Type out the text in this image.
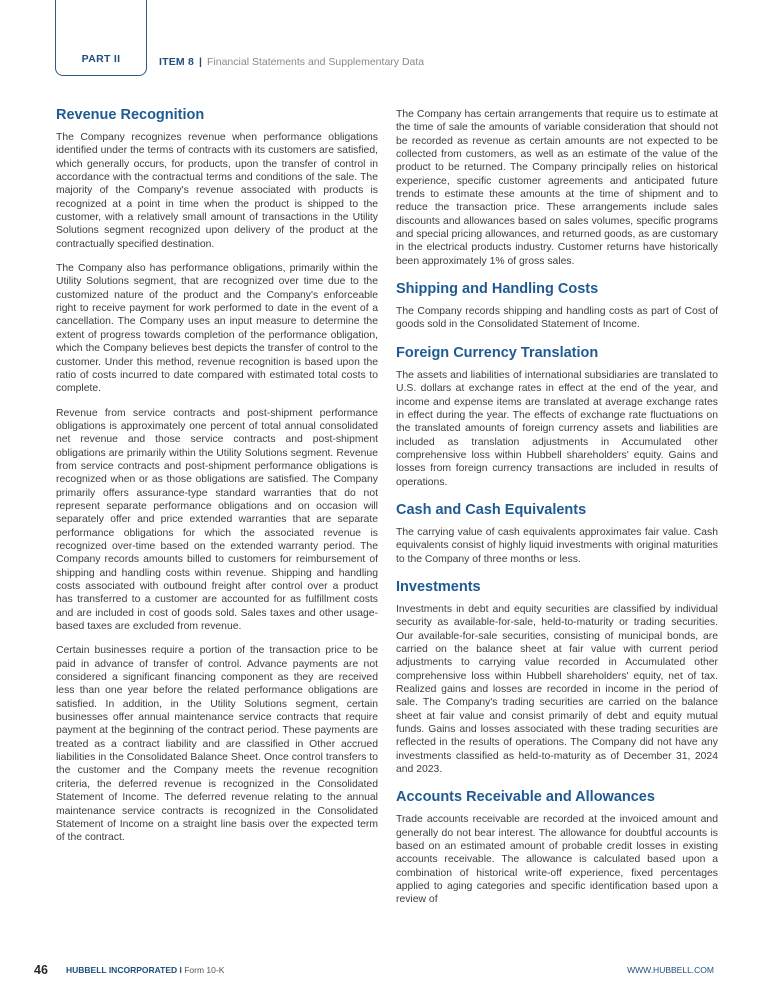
PART II	ITEM 8 | Financial Statements and Supplementary Data
Revenue Recognition

The Company recognizes revenue when performance obligations identified under the terms of contracts with its customers are satisfied, which generally occurs, for products, upon the transfer of control in accordance with the contractual terms and conditions of the sale. The majority of the Company's revenue associated with products is recognized at a point in time when the product is shipped to the customer, with a relatively small amount of transactions in the Utility Solutions segment recognized upon delivery of the product at the contractually specified destination.

The Company also has performance obligations, primarily within the Utility Solutions segment, that are recognized over time due to the customized nature of the product and the Company's enforceable right to receive payment for work performed to date in the event of a cancellation. The Company uses an input measure to determine the extent of progress towards completion of the performance obligation, which the Company believes best depicts the transfer of control to the customer. Under this method, revenue recognition is based upon the ratio of costs incurred to date compared with estimated total costs to complete.

Revenue from service contracts and post-shipment performance obligations is approximately one percent of total annual consolidated net revenue and those service contracts and post-shipment obligations are primarily within the Utility Solutions segment. Revenue from service contracts and post-shipment performance obligations is recognized when or as those obligations are satisfied. The Company primarily offers assurance-type standard warranties that do not represent separate performance obligations and on occasion will separately offer and price extended warranties that are separate performance obligations for which the associated revenue is recognized over-time based on the extended warranty period. The Company records amounts billed to customers for reimbursement of shipping and handling costs within revenue. Shipping and handling costs associated with outbound freight after control over a product has transferred to a customer are accounted for as fulfillment costs and are included in cost of goods sold. Sales taxes and other usage-based taxes are excluded from revenue.

Certain businesses require a portion of the transaction price to be paid in advance of transfer of control. Advance payments are not considered a significant financing component as they are received less than one year before the related performance obligations are satisfied. In addition, in the Utility Solutions segment, certain businesses offer annual maintenance service contracts that require payment at the beginning of the contract period. These payments are treated as a contract liability and are classified in Other accrued liabilities in the Consolidated Balance Sheet. Once control transfers to the customer and the Company meets the revenue recognition criteria, the deferred revenue is recognized in the Consolidated Statement of Income. The deferred revenue relating to the annual maintenance service contracts is recognized in the Consolidated Statement of Income on a straight line basis over the expected term of the contract.

The Company has certain arrangements that require us to estimate at the time of sale the amounts of variable consideration that should not be recorded as revenue as certain amounts are not expected to be collected from customers, as well as an estimate of the value of the product to be returned. The Company principally relies on historical experience, specific customer agreements and anticipated future trends to estimate these amounts at the time of shipment and to reduce the transaction price. These arrangements include sales discounts and allowances based on sales volumes, specific programs and special pricing allowances, and returned goods, as are customary in the electrical products industry. Customer returns have historically been approximately 1% of gross sales.

Shipping and Handling Costs

The Company records shipping and handling costs as part of Cost of goods sold in the Consolidated Statement of Income.

Foreign Currency Translation

The assets and liabilities of international subsidiaries are translated to U.S. dollars at exchange rates in effect at the end of the year, and income and expense items are translated at average exchange rates in effect during the year. The effects of exchange rate fluctuations on the translated amounts of foreign currency assets and liabilities are included as translation adjustments in Accumulated other comprehensive loss within Hubbell shareholders' equity. Gains and losses from foreign currency transactions are included in results of operations.

Cash and Cash Equivalents

The carrying value of cash equivalents approximates fair value. Cash equivalents consist of highly liquid investments with original maturities to the Company of three months or less.

Investments

Investments in debt and equity securities are classified by individual security as available-for-sale, held-to-maturity or trading securities. Our available-for-sale securities, consisting of municipal bonds, are carried on the balance sheet at fair value with current period adjustments to carrying value recorded in Accumulated other comprehensive loss within Hubbell shareholders' equity, net of tax. Realized gains and losses are recorded in income in the period of sale. The Company's trading securities are carried on the balance sheet at fair value and consist primarily of debt and equity mutual funds. Gains and losses associated with these trading securities are reflected in the results of operations. The Company did not have any investments classified as held-to-maturity as of December 31, 2024 and 2023.

Accounts Receivable and Allowances

Trade accounts receivable are recorded at the invoiced amount and generally do not bear interest. The allowance for doubtful accounts is based on an estimated amount of probable credit losses in existing accounts receivable. The allowance is calculated based upon a combination of historical write-off experience, fixed percentages applied to aging categories and specific identification based upon a review of

46 HUBBELL INCORPORATED I Form 10-K	WWW.HUBBELL.COM
